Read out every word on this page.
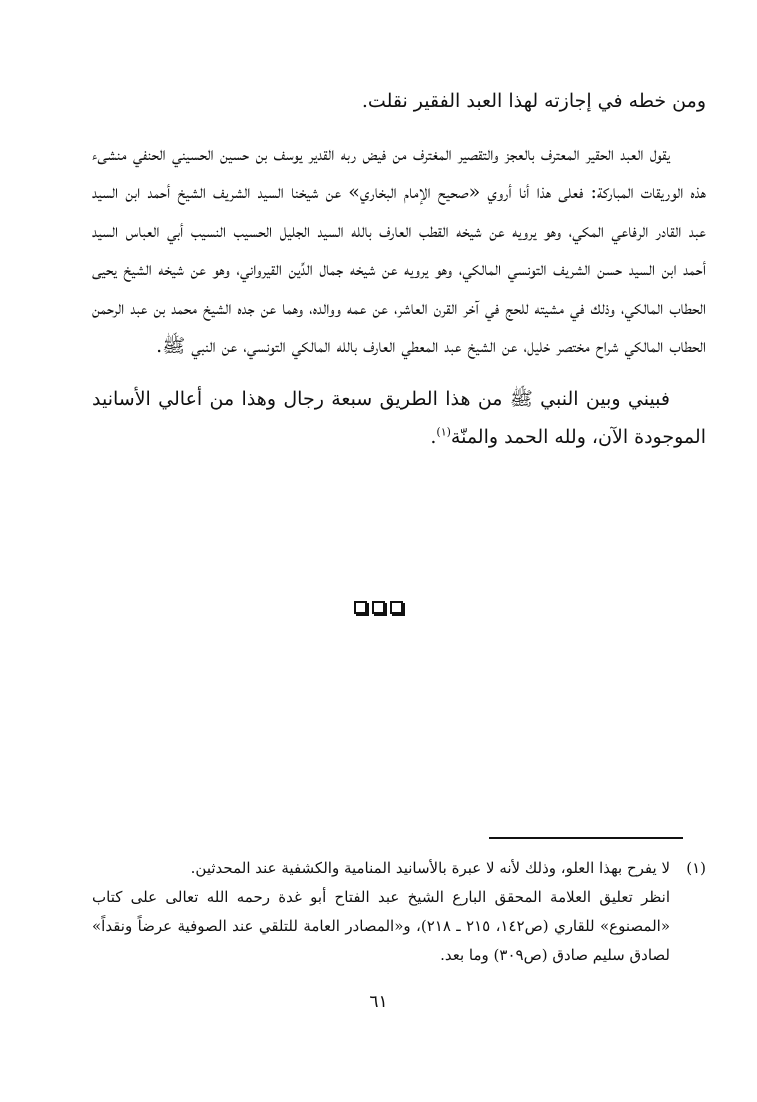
ومن خطه في إجازته لهذا العبد الفقير نقلت.

يقول العبد الحقير المعترف بالعجز والتقصير المغترف من فيض ربه القدير يوسف بن حسين الحسيني الحنفي منشىء هذه الوريقات المباركة: فعلى هذا أنا أروي «صحيح الإمام البخاري» عن شيخنا السيد الشريف الشيخ أحمد ابن السيد عبد القادر الرفاعي المكي، وهو يرويه عن شيخه القطب العارف بالله السيد الجليل الحسيب النسيب أبي العباس السيد أحمد ابن السيد حسن الشريف التونسي المالكي، وهو يرويه عن شيخه جمال الدِّين القيرواني، وهو عن شيخه الشيخ يحيى الحطاب المالكي، وذلك في مشيته للحج في آخر القرن العاشر، عن عمه ووالده، وهما عن جده الشيخ محمد بن عبد الرحمن الحطاب المالكي شراح مختصر خليل، عن الشيخ عبد المعطي العارف بالله المالكي التونسي، عن النبي ﷺ.

فبيني وبين النبي ﷺ من هذا الطريق سبعة رجال وهذا من أعالي الأسانيد الموجودة الآن، ولله الحمد والمنّة$^{(١)}$.

(١)لا يفرح بهذا العلو، وذلك لأنه لا عبرة بالأسانيد المنامية والكشفية عند المحدثين.
انظر تعليق العلامة المحقق البارع الشيخ عبد الفتاح أبو غدة رحمه الله تعالى على كتاب «المصنوع» للقاري (ص١٤٢، ٢١٥ ـ ٢١٨)، و«المصادر العامة للتلقي عند الصوفية عرضاً ونقداً» لصادق سليم صادق (ص٣٠٩) وما بعد.
٦١
